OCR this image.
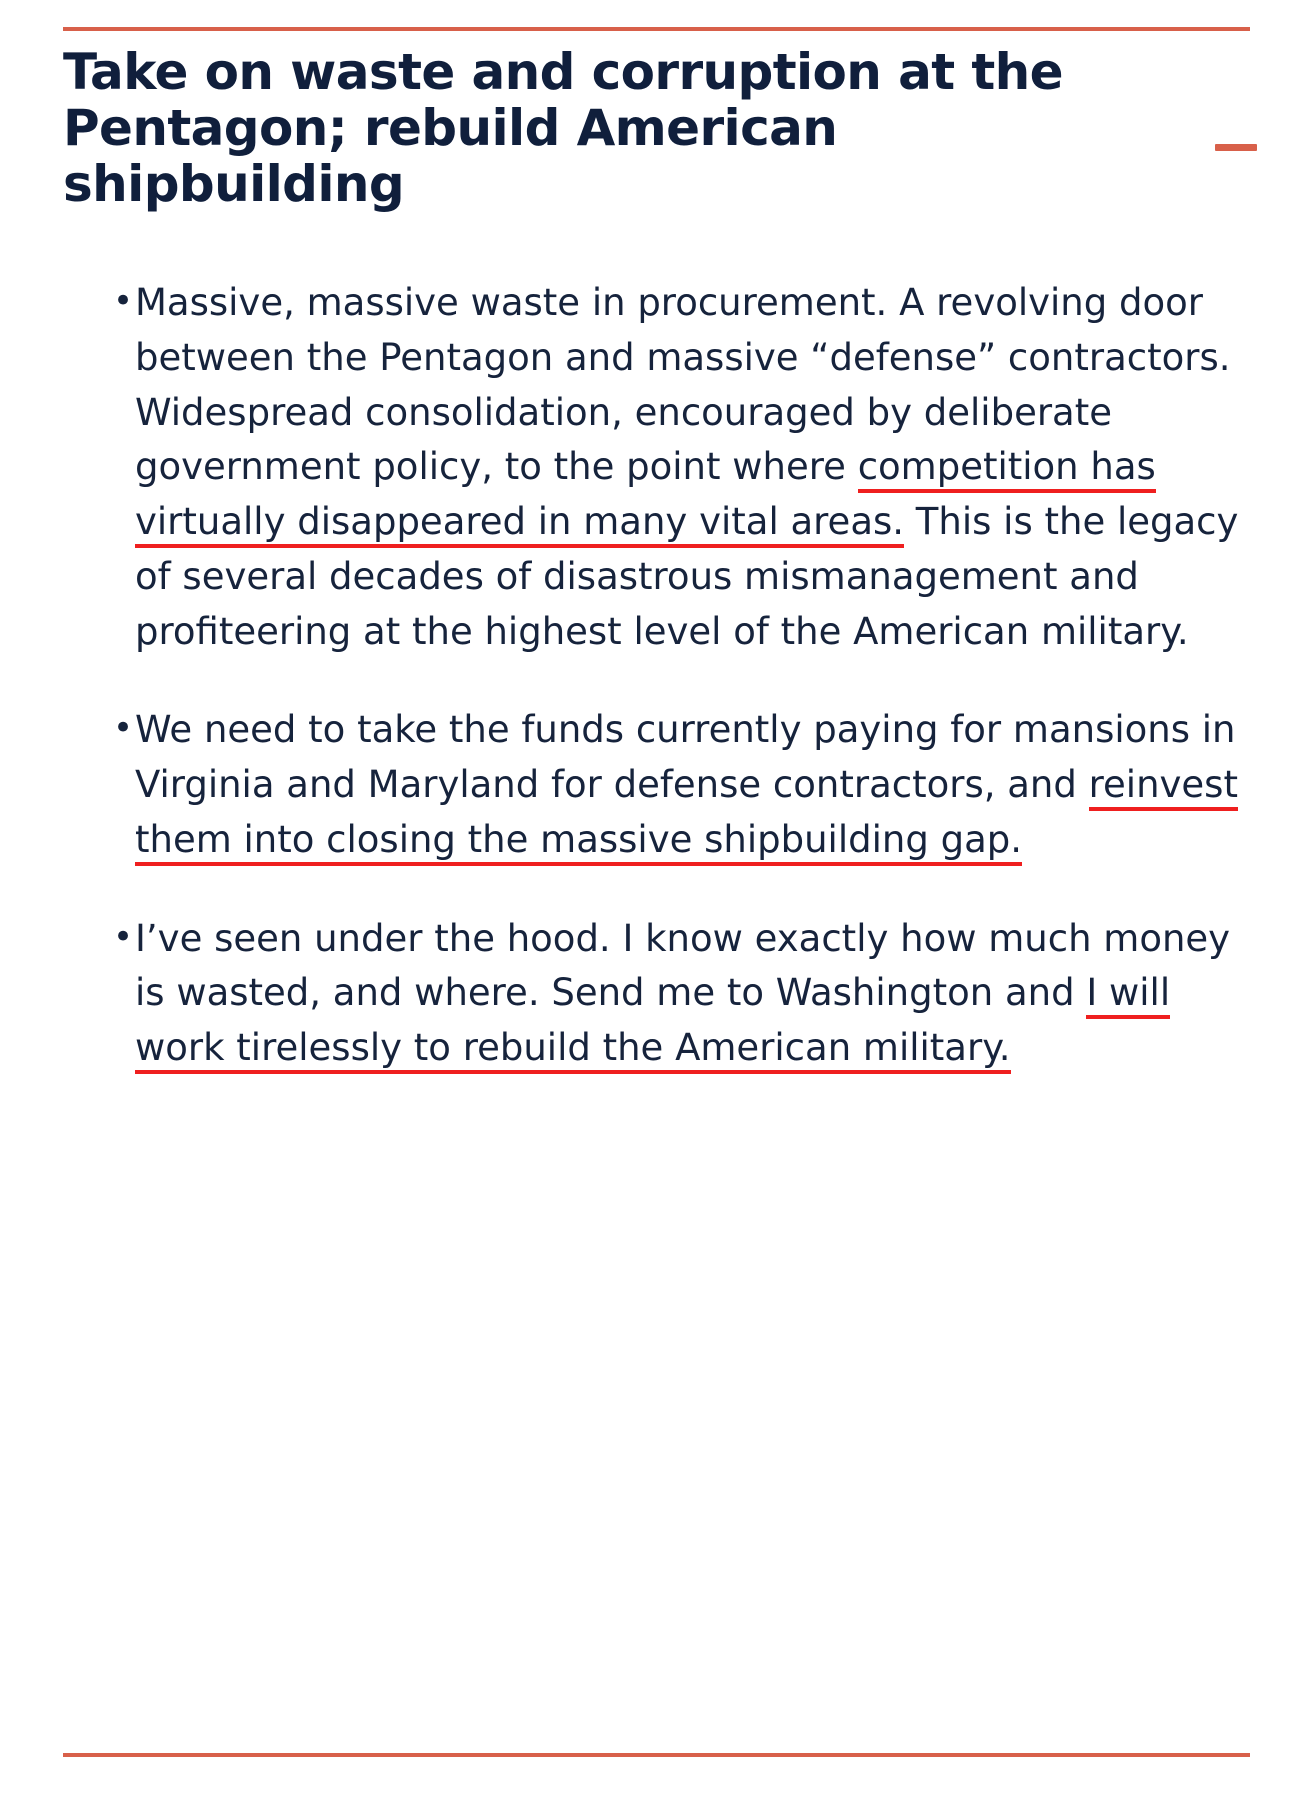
Take on waste and corruption at the Pentagon; rebuild American shipbuilding
• Massive, massive waste in procurement. A revolving door between the Pentagon and massive “defense” contractors. Widespread consolidation, encouraged by deliberate government policy, to the point where competition has virtually disappeared in many vital areas. This is the legacy of several decades of disastrous mismanagement and profiteering at the highest level of the American military.
• We need to take the funds currently paying for mansions in Virginia and Maryland for defense contractors, and reinvest them into closing the massive shipbuilding gap.
• I’ve seen under the hood. I know exactly how much money is wasted, and where. Send me to Washington and I will work tirelessly to rebuild the American military.
